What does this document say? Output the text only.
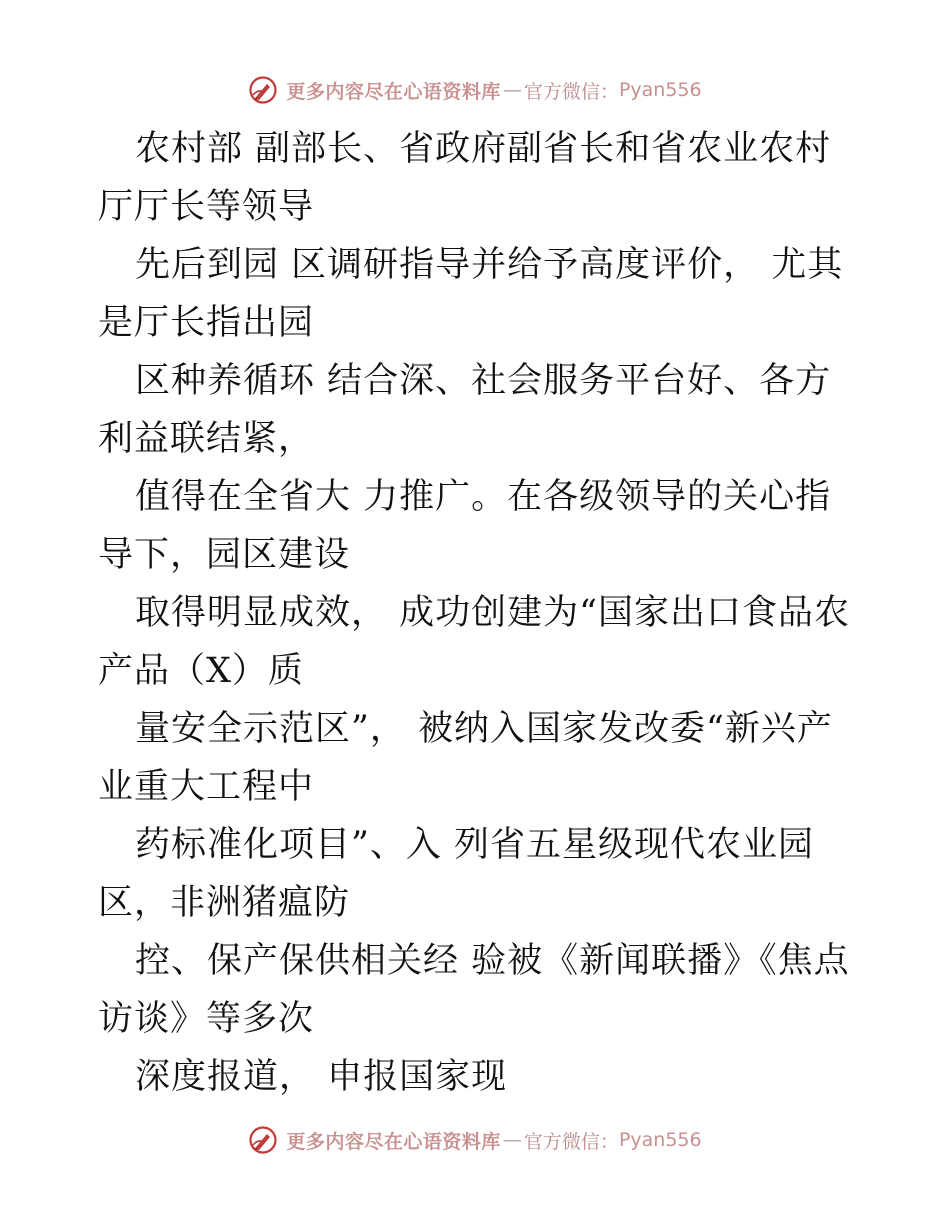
更多内容尽在心语资料库 — 官方微信： Pyan556

农村部 副部长、省政府副省长和省农业农村厅厅长等领导

先后到园 区调研指导并给予高度评价， 尤其是厅长指出园

区种养循环 结合深、社会服务平台好、各方利益联结紧，

值得在全省大 力推广。在各级领导的关心指导下，园区建设

取得明显成效， 成功创建为“国家出口食品农产品（X）质

量安全示范区”， 被纳入国家发改委“新兴产业重大工程中

药标准化项目”、入 列省五星级现代农业园区，非洲猪瘟防

控、保产保供相关经 验被《新闻联播》《焦点访谈》等多次

深度报道， 申报国家现

更多内容尽在心语资料库 — 官方微信： Pyan556
